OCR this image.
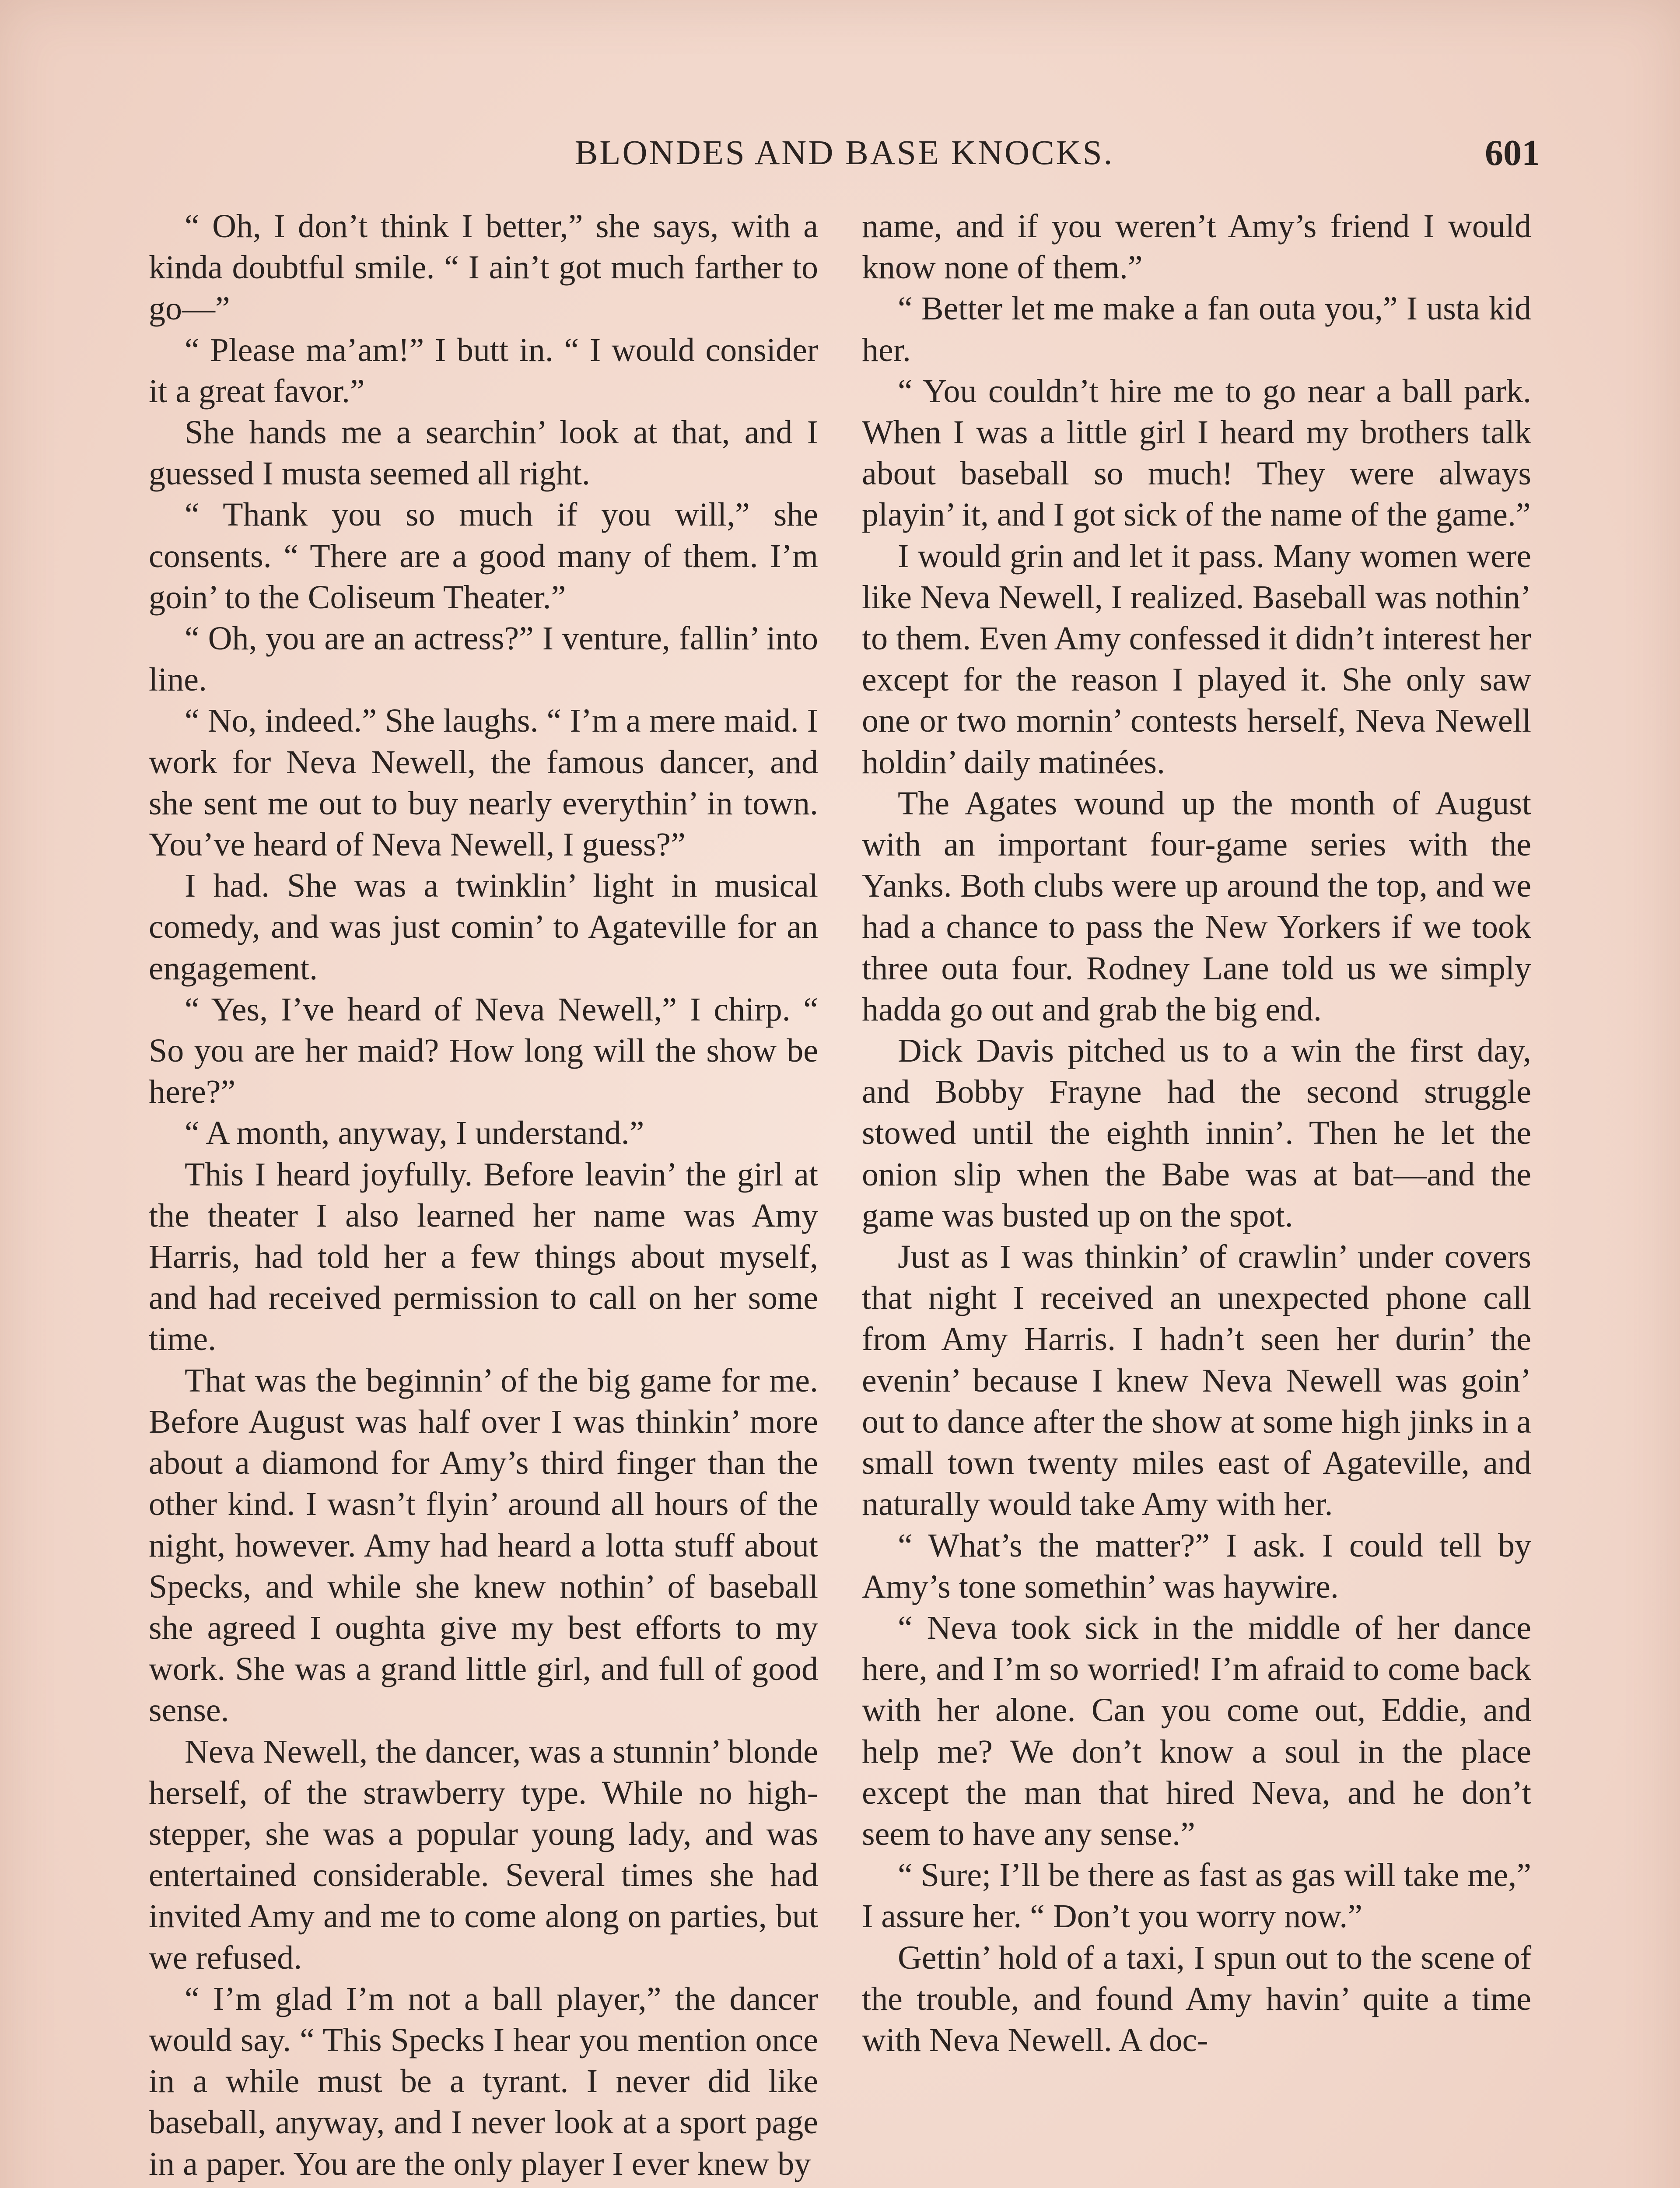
BLONDES AND BASE KNOCKS.	601

“ Oh, I don’t think I better,” she says, with a kinda doubtful smile. “ I ain’t got much farther to go—”

“ Please ma’am!” I butt in. “ I would consider it a great favor.”

She hands me a searchin’ look at that, and I guessed I musta seemed all right.

“ Thank you so much if you will,” she consents. “ There are a good many of them. I’m goin’ to the Coliseum Theater.”

“ Oh, you are an actress?” I venture, fallin’ into line.

“ No, indeed.” She laughs. “ I’m a mere maid. I work for Neva Newell, the famous dancer, and she sent me out to buy nearly everythin’ in town. You’ve heard of Neva Newell, I guess?”

I had. She was a twinklin’ light in musical comedy, and was just comin’ to Agateville for an engagement.

“ Yes, I’ve heard of Neva Newell,” I chirp. “ So you are her maid? How long will the show be here?”

“ A month, anyway, I understand.”

This I heard joyfully. Before leavin’ the girl at the theater I also learned her name was Amy Harris, had told her a few things about myself, and had received permission to call on her some time.

That was the beginnin’ of the big game for me. Before August was half over I was thinkin’ more about a diamond for Amy’s third finger than the other kind. I wasn’t flyin’ around all hours of the night, however. Amy had heard a lotta stuff about Specks, and while she knew nothin’ of baseball she agreed I oughta give my best efforts to my work. She was a grand little girl, and full of good sense.

Neva Newell, the dancer, was a stunnin’ blonde herself, of the strawberry type. While no high-stepper, she was a popular young lady, and was entertained considerable. Several times she had invited Amy and me to come along on parties, but we refused.

“ I’m glad I’m not a ball player,” the dancer would say. “ This Specks I hear you mention once in a while must be a tyrant. I never did like baseball, anyway, and I never look at a sport page in a paper. You are the only player I ever knew by

name, and if you weren’t Amy’s friend I would know none of them.”

“ Better let me make a fan outa you,” I usta kid her.

“ You couldn’t hire me to go near a ball park. When I was a little girl I heard my brothers talk about baseball so much! They were always playin’ it, and I got sick of the name of the game.”

I would grin and let it pass. Many women were like Neva Newell, I realized. Baseball was nothin’ to them. Even Amy confessed it didn’t interest her except for the reason I played it. She only saw one or two mornin’ contests herself, Neva Newell holdin’ daily matinées.

The Agates wound up the month of August with an important four-game series with the Yanks. Both clubs were up around the top, and we had a chance to pass the New Yorkers if we took three outa four. Rodney Lane told us we simply hadda go out and grab the big end.

Dick Davis pitched us to a win the first day, and Bobby Frayne had the second struggle stowed until the eighth innin’. Then he let the onion slip when the Babe was at bat—and the game was busted up on the spot.

Just as I was thinkin’ of crawlin’ under covers that night I received an unexpected phone call from Amy Harris. I hadn’t seen her durin’ the evenin’ because I knew Neva Newell was goin’ out to dance after the show at some high jinks in a small town twenty miles east of Agateville, and naturally would take Amy with her.

“ What’s the matter?” I ask. I could tell by Amy’s tone somethin’ was haywire.

“ Neva took sick in the middle of her dance here, and I’m so worried! I’m afraid to come back with her alone. Can you come out, Eddie, and help me? We don’t know a soul in the place except the man that hired Neva, and he don’t seem to have any sense.”

“ Sure; I’ll be there as fast as gas will take me,” I assure her. “ Don’t you worry now.”

Gettin’ hold of a taxi, I spun out to the scene of the trouble, and found Amy havin’ quite a time with Neva Newell. A doc-
